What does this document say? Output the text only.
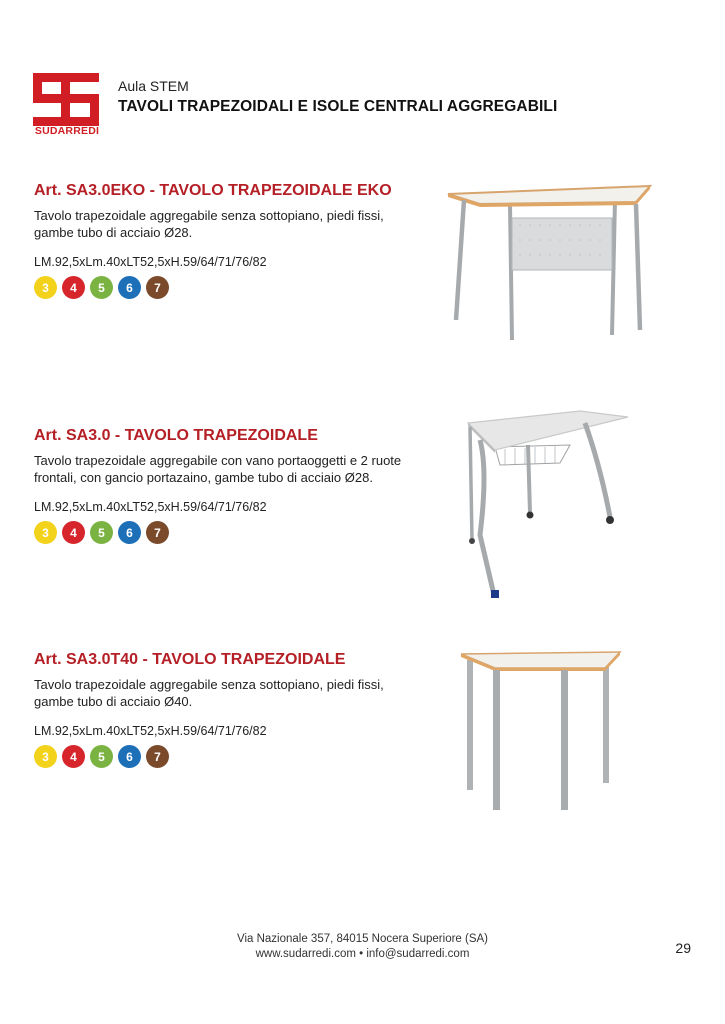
SUDARREDI
Aula STEM
TAVOLI TRAPEZOIDALI E ISOLE CENTRALI AGGREGABILI

Art. SA3.0EKO - TAVOLO TRAPEZOIDALE EKO

Tavolo trapezoidale aggregabile senza sottopiano, piedi fissi, gambe tubo di acciaio Ø28.

LM.92,5xLm.40xLT52,5xH.59/64/71/76/82

3	4	5	6	7

Art. SA3.0 - TAVOLO TRAPEZOIDALE

Tavolo trapezoidale aggregabile con vano portaoggetti e 2 ruote frontali, con gancio portazaino, gambe tubo di acciaio Ø28.

LM.92,5xLm.40xLT52,5xH.59/64/71/76/82

3	4	5	6	7

Art. SA3.0T40 - TAVOLO TRAPEZOIDALE

Tavolo trapezoidale aggregabile senza sottopiano, piedi fissi, gambe tubo di acciaio Ø40.

LM.92,5xLm.40xLT52,5xH.59/64/71/76/82

3	4	5	6	7
Via Nazionale 357, 84015 Nocera Superiore (SA)
www.sudarredi.com • info@sudarredi.com	29
